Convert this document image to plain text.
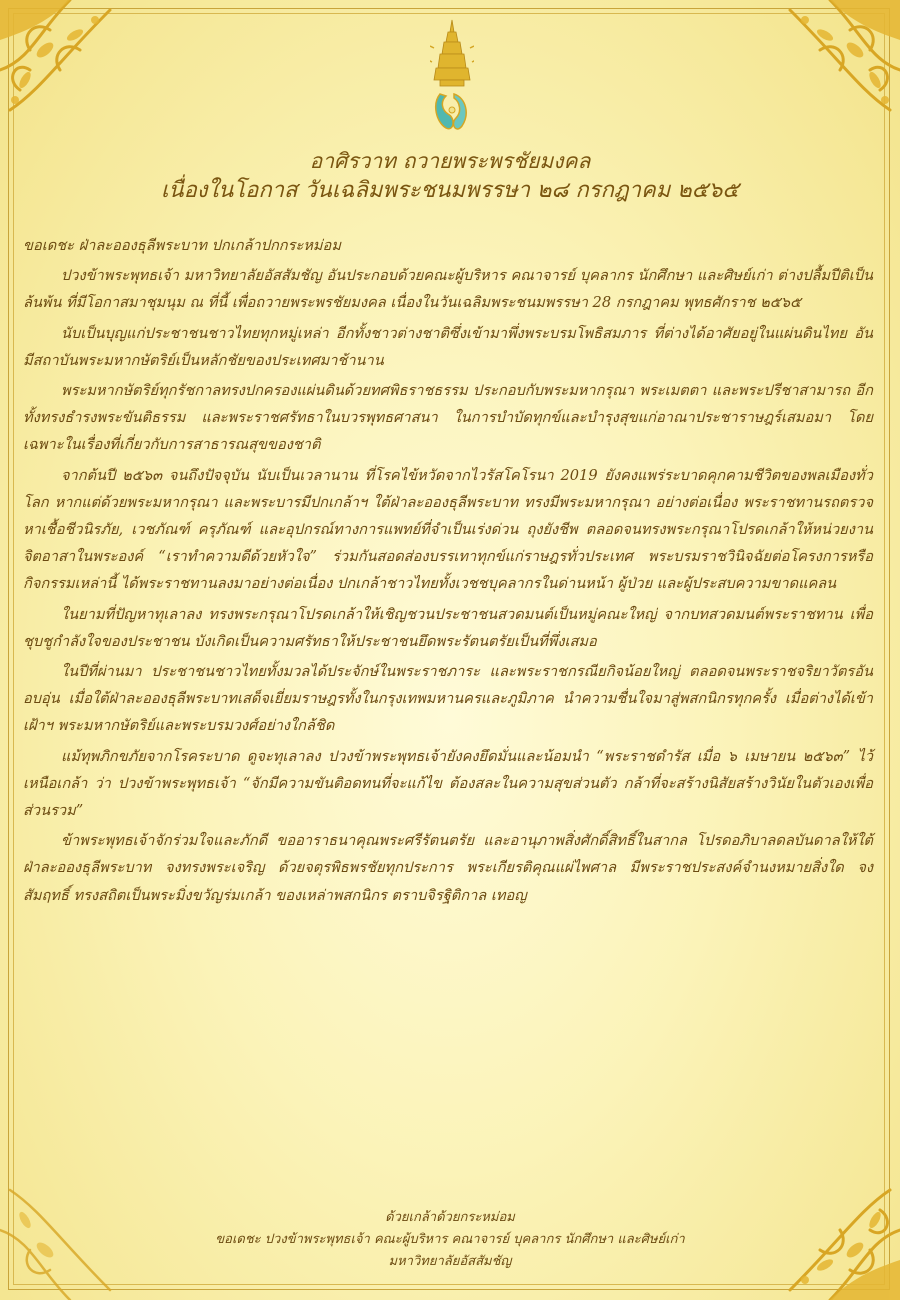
อาศิรวาท ถวายพระพรชัยมงคล
เนื่องในโอกาส วันเฉลิมพระชนมพรรษา ๒๘ กรกฎาคม ๒๕๖๕

ขอเดชะ ฝ่าละอองธุลีพระบาท ปกเกล้าปกกระหม่อม

ปวงข้าพระพุทธเจ้า มหาวิทยาลัยอัสสัมชัญ อันประกอบด้วยคณะผู้บริหาร คณาจารย์ บุคลากร นักศึกษา และศิษย์เก่า ต่างปลื้มปีติเป็นล้นพ้น ที่มีโอกาสมาชุมนุม ณ ที่นี้ เพื่อถวายพระพรชัยมงคล เนื่องในวันเฉลิมพระชนมพรรษา 28 กรกฎาคม พุทธศักราช ๒๕๖๕

นับเป็นบุญแก่ประชาชนชาวไทยทุกหมู่เหล่า อีกทั้งชาวต่างชาติซึ่งเข้ามาพึ่งพระบรมโพธิสมภาร ที่ต่างได้อาศัยอยู่ในแผ่นดินไทย อันมีสถาบันพระมหากษัตริย์เป็นหลักชัยของประเทศมาช้านาน

พระมหากษัตริย์ทุกรัชกาลทรงปกครองแผ่นดินด้วยทศพิธราชธรรม ประกอบกับพระมหากรุณา พระเมตตา และพระปรีชาสามารถ อีกทั้งทรงธำรงพระขันติธรรม และพระราชศรัทธาในบวรพุทธศาสนา ในการบำบัดทุกข์และบำรุงสุขแก่อาณาประชาราษฎร์เสมอมา โดยเฉพาะในเรื่องที่เกี่ยวกับการสาธารณสุขของชาติ

จากต้นปี ๒๕๖๓ จนถึงปัจจุบัน นับเป็นเวลานาน ที่โรคไข้หวัดจากไวรัสโคโรนา 2019 ยังคงแพร่ระบาดคุกคามชีวิตของพลเมืองทั่วโลก หากแต่ด้วยพระมหากรุณา และพระบารมีปกเกล้าฯ ใต้ฝ่าละอองธุลีพระบาท ทรงมีพระมหากรุณา อย่างต่อเนื่อง พระราชทานรถตรวจหาเชื้อชีวนิรภัย, เวชภัณฑ์ ครุภัณฑ์ และอุปกรณ์ทางการแพทย์ที่จำเป็นเร่งด่วน ถุงยังชีพ ตลอดจนทรงพระกรุณาโปรดเกล้าให้หน่วยงานจิตอาสาในพระองค์ “เราทำความดีด้วยหัวใจ” ร่วมกันสอดส่องบรรเทาทุกข์แก่ราษฎรทั่วประเทศ พระบรมราชวินิจฉัยต่อโครงการหรือกิจกรรมเหล่านี้ ได้พระราชทานลงมาอย่างต่อเนื่อง ปกเกล้าชาวไทยทั้งเวชชบุคลากรในด่านหน้า ผู้ป่วย และผู้ประสบความขาดแคลน

ในยามที่ปัญหาทุเลาลง ทรงพระกรุณาโปรดเกล้าให้เชิญชวนประชาชนสวดมนต์เป็นหมู่คณะใหญ่ จากบทสวดมนต์พระราชทาน เพื่อชุบชูกำลังใจของประชาชน บังเกิดเป็นความศรัทธาให้ประชาชนยึดพระรัตนตรัยเป็นที่พึ่งเสมอ

ในปีที่ผ่านมา ประชาชนชาวไทยทั้งมวลได้ประจักษ์ในพระราชภาระ และพระราชกรณียกิจน้อยใหญ่ ตลอดจนพระราชจริยาวัตรอันอบอุ่น เมื่อใต้ฝ่าละอองธุลีพระบาทเสด็จเยี่ยมราษฎรทั้งในกรุงเทพมหานครและภูมิภาค นำความชื่นใจมาสู่พสกนิกรทุกครั้ง เมื่อต่างได้เข้าเฝ้าฯ พระมหากษัตริย์และพระบรมวงศ์อย่างใกล้ชิด

แม้ทุพภิกขภัยจากโรคระบาด ดูจะทุเลาลง ปวงข้าพระพุทธเจ้ายังคงยึดมั่นและน้อมนำ “พระราชดำรัส เมื่อ ๖ เมษายน ๒๕๖๓” ไว้เหนือเกล้า ว่า ปวงข้าพระพุทธเจ้า “จักมีความขันติอดทนที่จะแก้ไข ต้องสละในความสุขส่วนตัว กล้าที่จะสร้างนิสัยสร้างวินัยในตัวเองเพื่อส่วนรวม”

ข้าพระพุทธเจ้าจักร่วมใจและภักดี ขออาราธนาคุณพระศรีรัตนตรัย และอานุภาพสิ่งศักดิ์สิทธิ์ในสากล โปรดอภิบาลดลบันดาลให้ใต้ฝ่าละอองธุลีพระบาท จงทรงพระเจริญ ด้วยจตุรพิธพรชัยทุกประการ พระเกียรติคุณแผ่ไพศาล มีพระราชประสงค์จำนงหมายสิ่งใด จงสัมฤทธิ์ ทรงสถิตเป็นพระมิ่งขวัญร่มเกล้า ของเหล่าพสกนิกร ตราบจิรฐิติกาล เทอญ

ด้วยเกล้าด้วยกระหม่อม
ขอเดชะ ปวงข้าพระพุทธเจ้า คณะผู้บริหาร คณาจารย์ บุคลากร นักศึกษา และศิษย์เก่า
มหาวิทยาลัยอัสสัมชัญ
